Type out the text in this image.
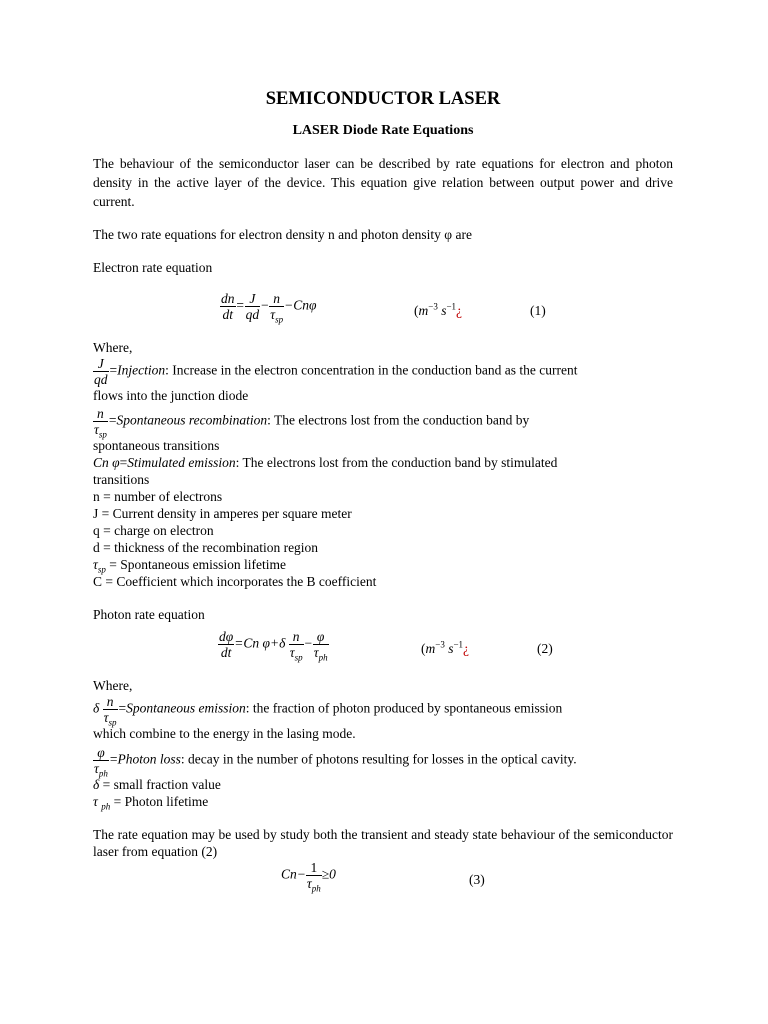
SEMICONDUCTOR LASER
LASER Diode Rate Equations

The behaviour of the semiconductor laser can be described by rate equations for electron and photon density in the active layer of the device. This equation give relation between output power and drive current.

The two rate equations for electron density n and photon density φ are

Electron rate equation

$\frac{dn}{dt} = \frac{J}{qd} - \frac{n}{\tau_{sp}} -Cn\varphi$	($m^{-3}$ $s^{-1}¿$	(1)

Where,

$\frac{J}{qd}$ =Injection: Increase in the electron concentration in the conduction band as the current

flows into the junction diode

$\frac{n}{\tau_{sp}}$ =Spontaneous recombination: The electrons lost from the conduction band by

spontaneous transitions

Cn φ=Stimulated emission: The electrons lost from the conduction band by stimulated

transitions

n = number of electrons

J = Current density in amperes per square meter

q = charge on electron

d = thickness of the recombination region

$\tau_{sp}$ = Spontaneous emission lifetime

C = Coefficient which incorporates the B coefficient

Photon rate equation

$\frac{d\varphi}{dt} =Cn$ $\varphi+\delta \frac{n}{\tau_{sp}} - \frac{\varphi}{\tau_{ph}}$	($m^{-3}$ $s^{-1}¿$	(2)

Where,

δ $\frac{n}{\tau_{sp}}$ =Spontaneous emission: the fraction of photon produced by spontaneous emission

which combine to the energy in the lasing mode.

$\frac{\varphi}{\tau_{ph}}$ =Photon loss: decay in the number of photons resulting for losses in the optical cavity.

δ = small fraction value

τ $_{ph}$ = Photon lifetime

The rate equation may be used by study both the transient and steady state behaviour of the semiconductor laser from equation (2)

$Cn- \frac{1}{\tau_{ph}} \ge 0$	(3)
